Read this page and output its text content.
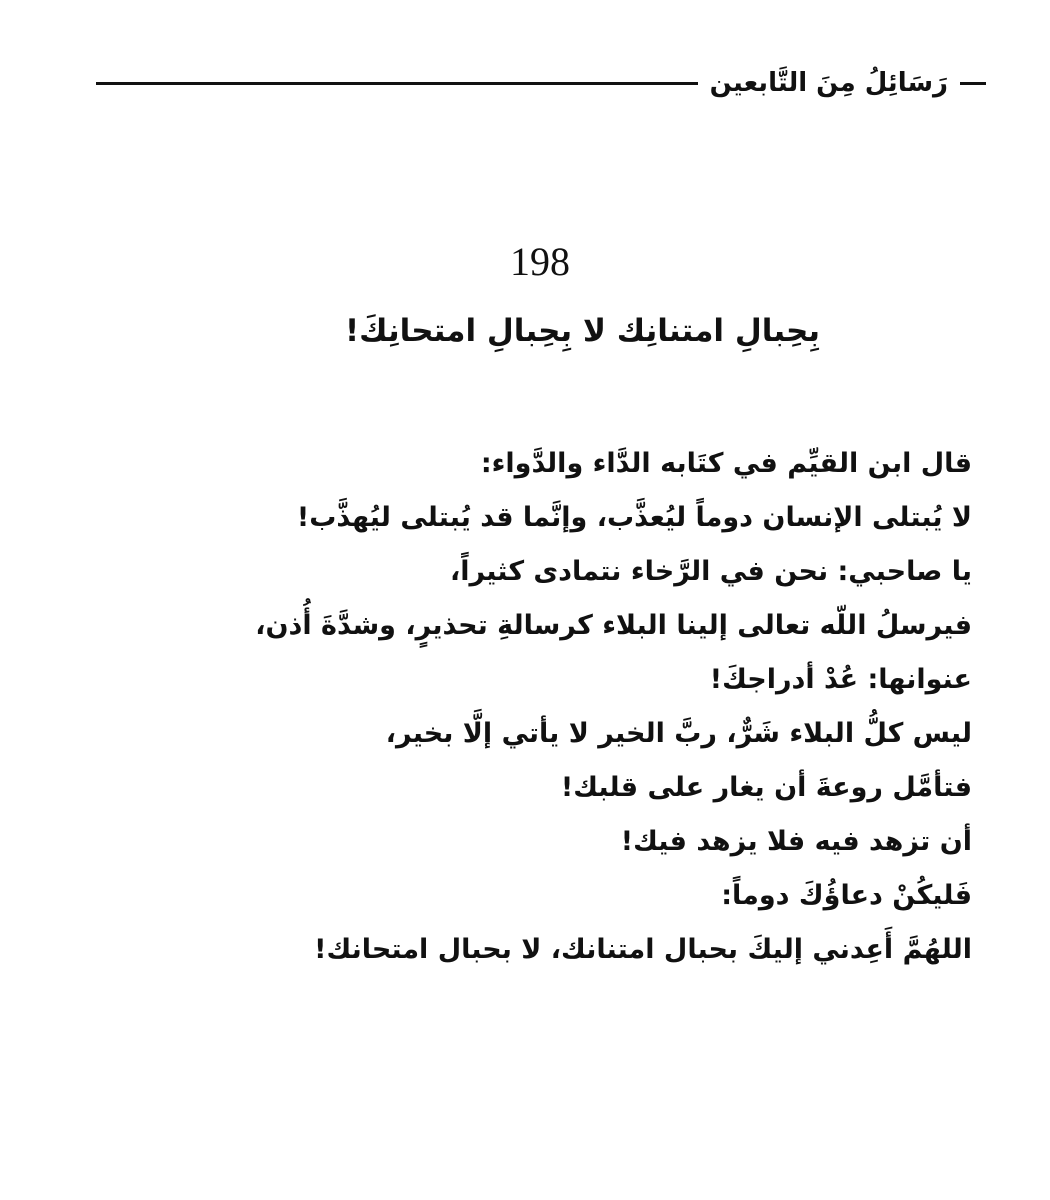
رَسَائِلُ مِنَ التَّابعين
198
بِحِبالِ امتنانِك لا بِحِبالِ امتحانِكَ!
قال ابن القيِّم في كتَابه الدَّاء والدَّواء:
لا يُبتلى الإنسان دوماً ليُعذَّب، وإنَّما قد يُبتلى ليُهذَّب!
يا صاحبي: نحن في الرَّخاء نتمادى كثيراً،
فيرسلُ اللّه تعالى إلينا البلاء كرسالةِ تحذيرٍ، وشدَّةَ أُذن،
عنوانها: عُدْ أدراجكَ!
ليس كلُّ البلاء شَرٌّ، ربَّ الخير لا يأتي إلَّا بخير،
فتأمَّل روعةَ أن يغار على قلبك!
أن تزهد فيه فلا يزهد فيك!
فَليكُنْ دعاؤُكَ دوماً:
اللهُمَّ أَعِدني إليكَ بحبال امتنانك، لا بحبال امتحانك!
